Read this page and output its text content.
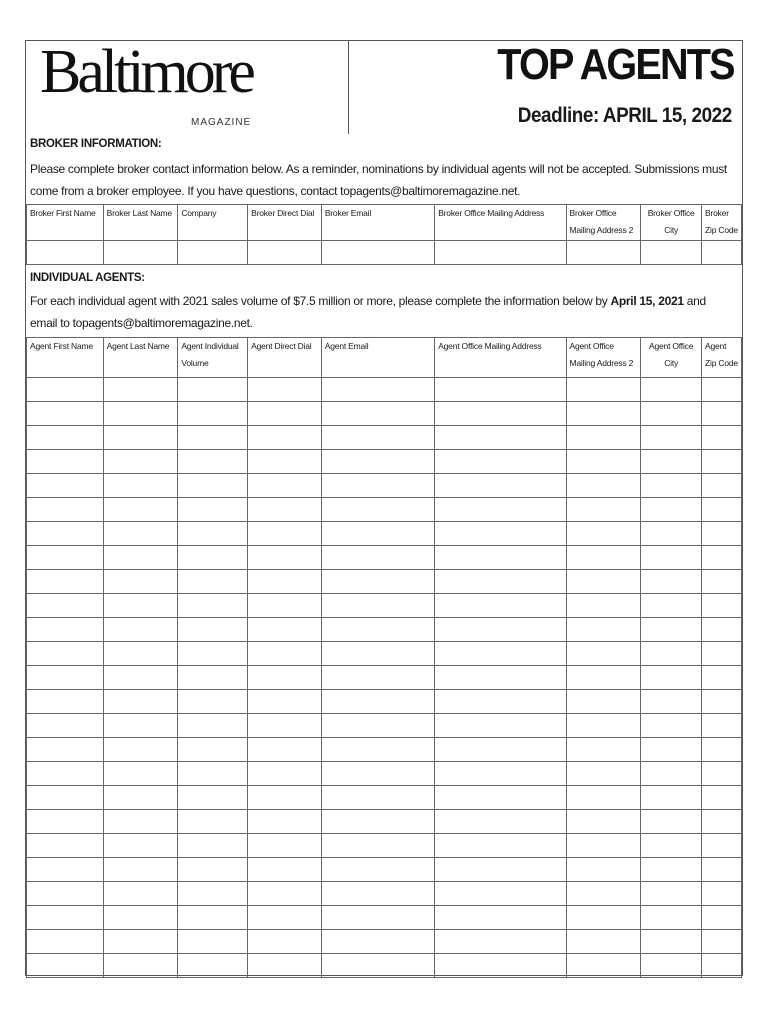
Baltimore
MAGAZINE
TOP AGENTS
Deadline: APRIL 15, 2022
BROKER INFORMATION:
Please complete broker contact information below. As a reminder, nominations by individual agents will not be accepted. Submissions must come from a broker employee. If you have questions, contact topagents@baltimoremagazine.net.
Broker First Name	Broker Last Name	Company	Broker Direct Dial	Broker Email	Broker Office Mailing Address	Broker Office Mailing Address 2	Broker Office City	Broker Zip Code

INDIVIDUAL AGENTS:
For each individual agent with 2021 sales volume of $7.5 million or more, please complete the information below by April 15, 2021 and email to topagents@baltimoremagazine.net.
Agent First Name	Agent Last Name	Agent Individual Volume	Agent Direct Dial	Agent Email	Agent Office Mailing Address	Agent Office Mailing Address 2	Agent Office City	Agent Zip Code
